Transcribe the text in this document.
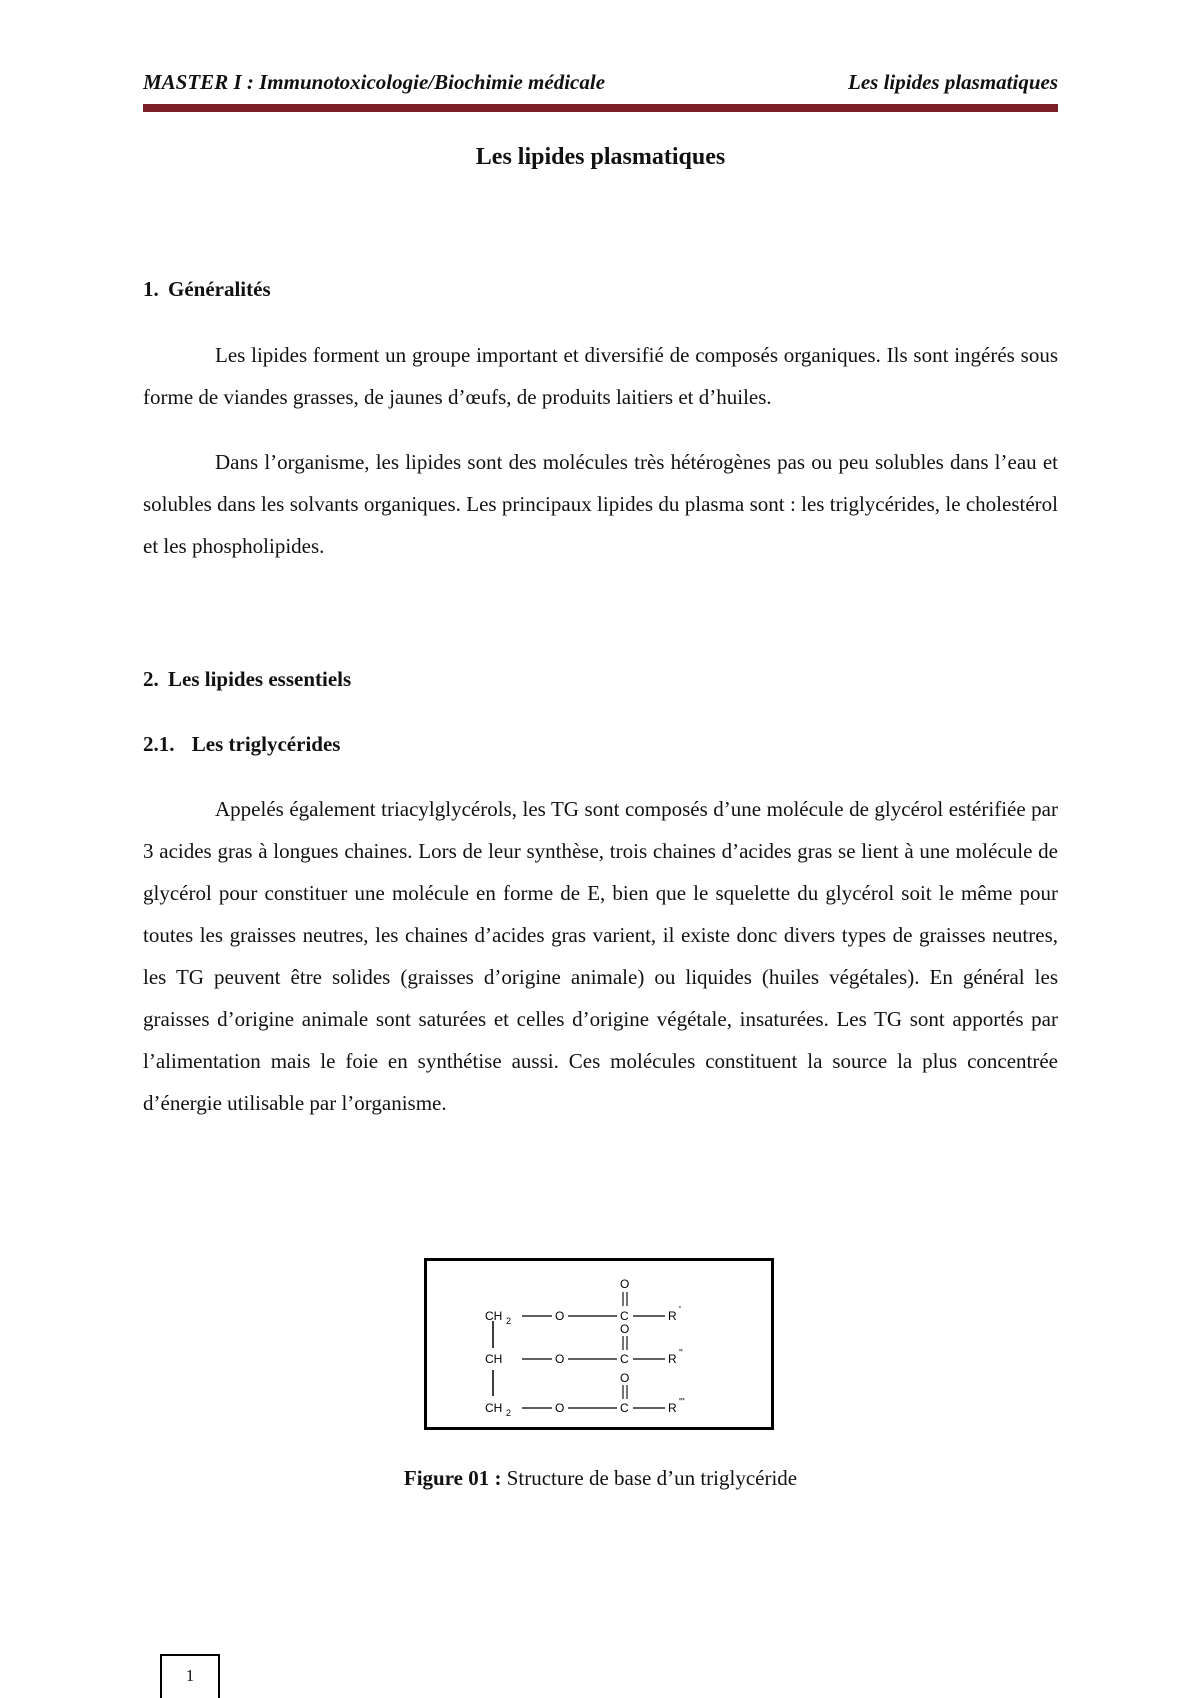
MASTER I : Immunotoxicologie/Biochimie médicale	Les lipides plasmatiques
Les lipides plasmatiques
1. Généralités

Les lipides forment un groupe important et diversifié de composés organiques. Ils sont ingérés sous forme de viandes grasses, de jaunes d’œufs, de produits laitiers et d’huiles.

Dans l’organisme, les lipides sont des molécules très hétérogènes pas ou peu solubles dans l’eau et solubles dans les solvants organiques. Les principaux lipides du plasma sont : les triglycérides, le cholestérol et les phospholipides.

2. Les lipides essentiels
2.1. Les triglycérides

Appelés également triacylglycérols, les TG sont composés d’une molécule de glycérol estérifiée par 3 acides gras à longues chaines. Lors de leur synthèse, trois chaines d’acides gras se lient à une molécule de glycérol pour constituer une molécule en forme de E, bien que le squelette du glycérol soit le même pour toutes les graisses neutres, les chaines d’acides gras varient, il existe donc divers types de graisses neutres, les TG peuvent être solides (graisses d’origine animale) ou liquides (huiles végétales). En général les graisses d’origine animale sont saturées et celles d’origine végétale, insaturées. Les TG sont apportés par l’alimentation mais le foie en synthétise aussi. Ces molécules constituent la source la plus concentrée d’énergie utilisable par l’organisme.

CH 2	O	C
O
R '
CH	O	C
O
R ''
CH 2	O	C
O
R '''
Figure 01 : Structure de base d’un triglycéride
1
